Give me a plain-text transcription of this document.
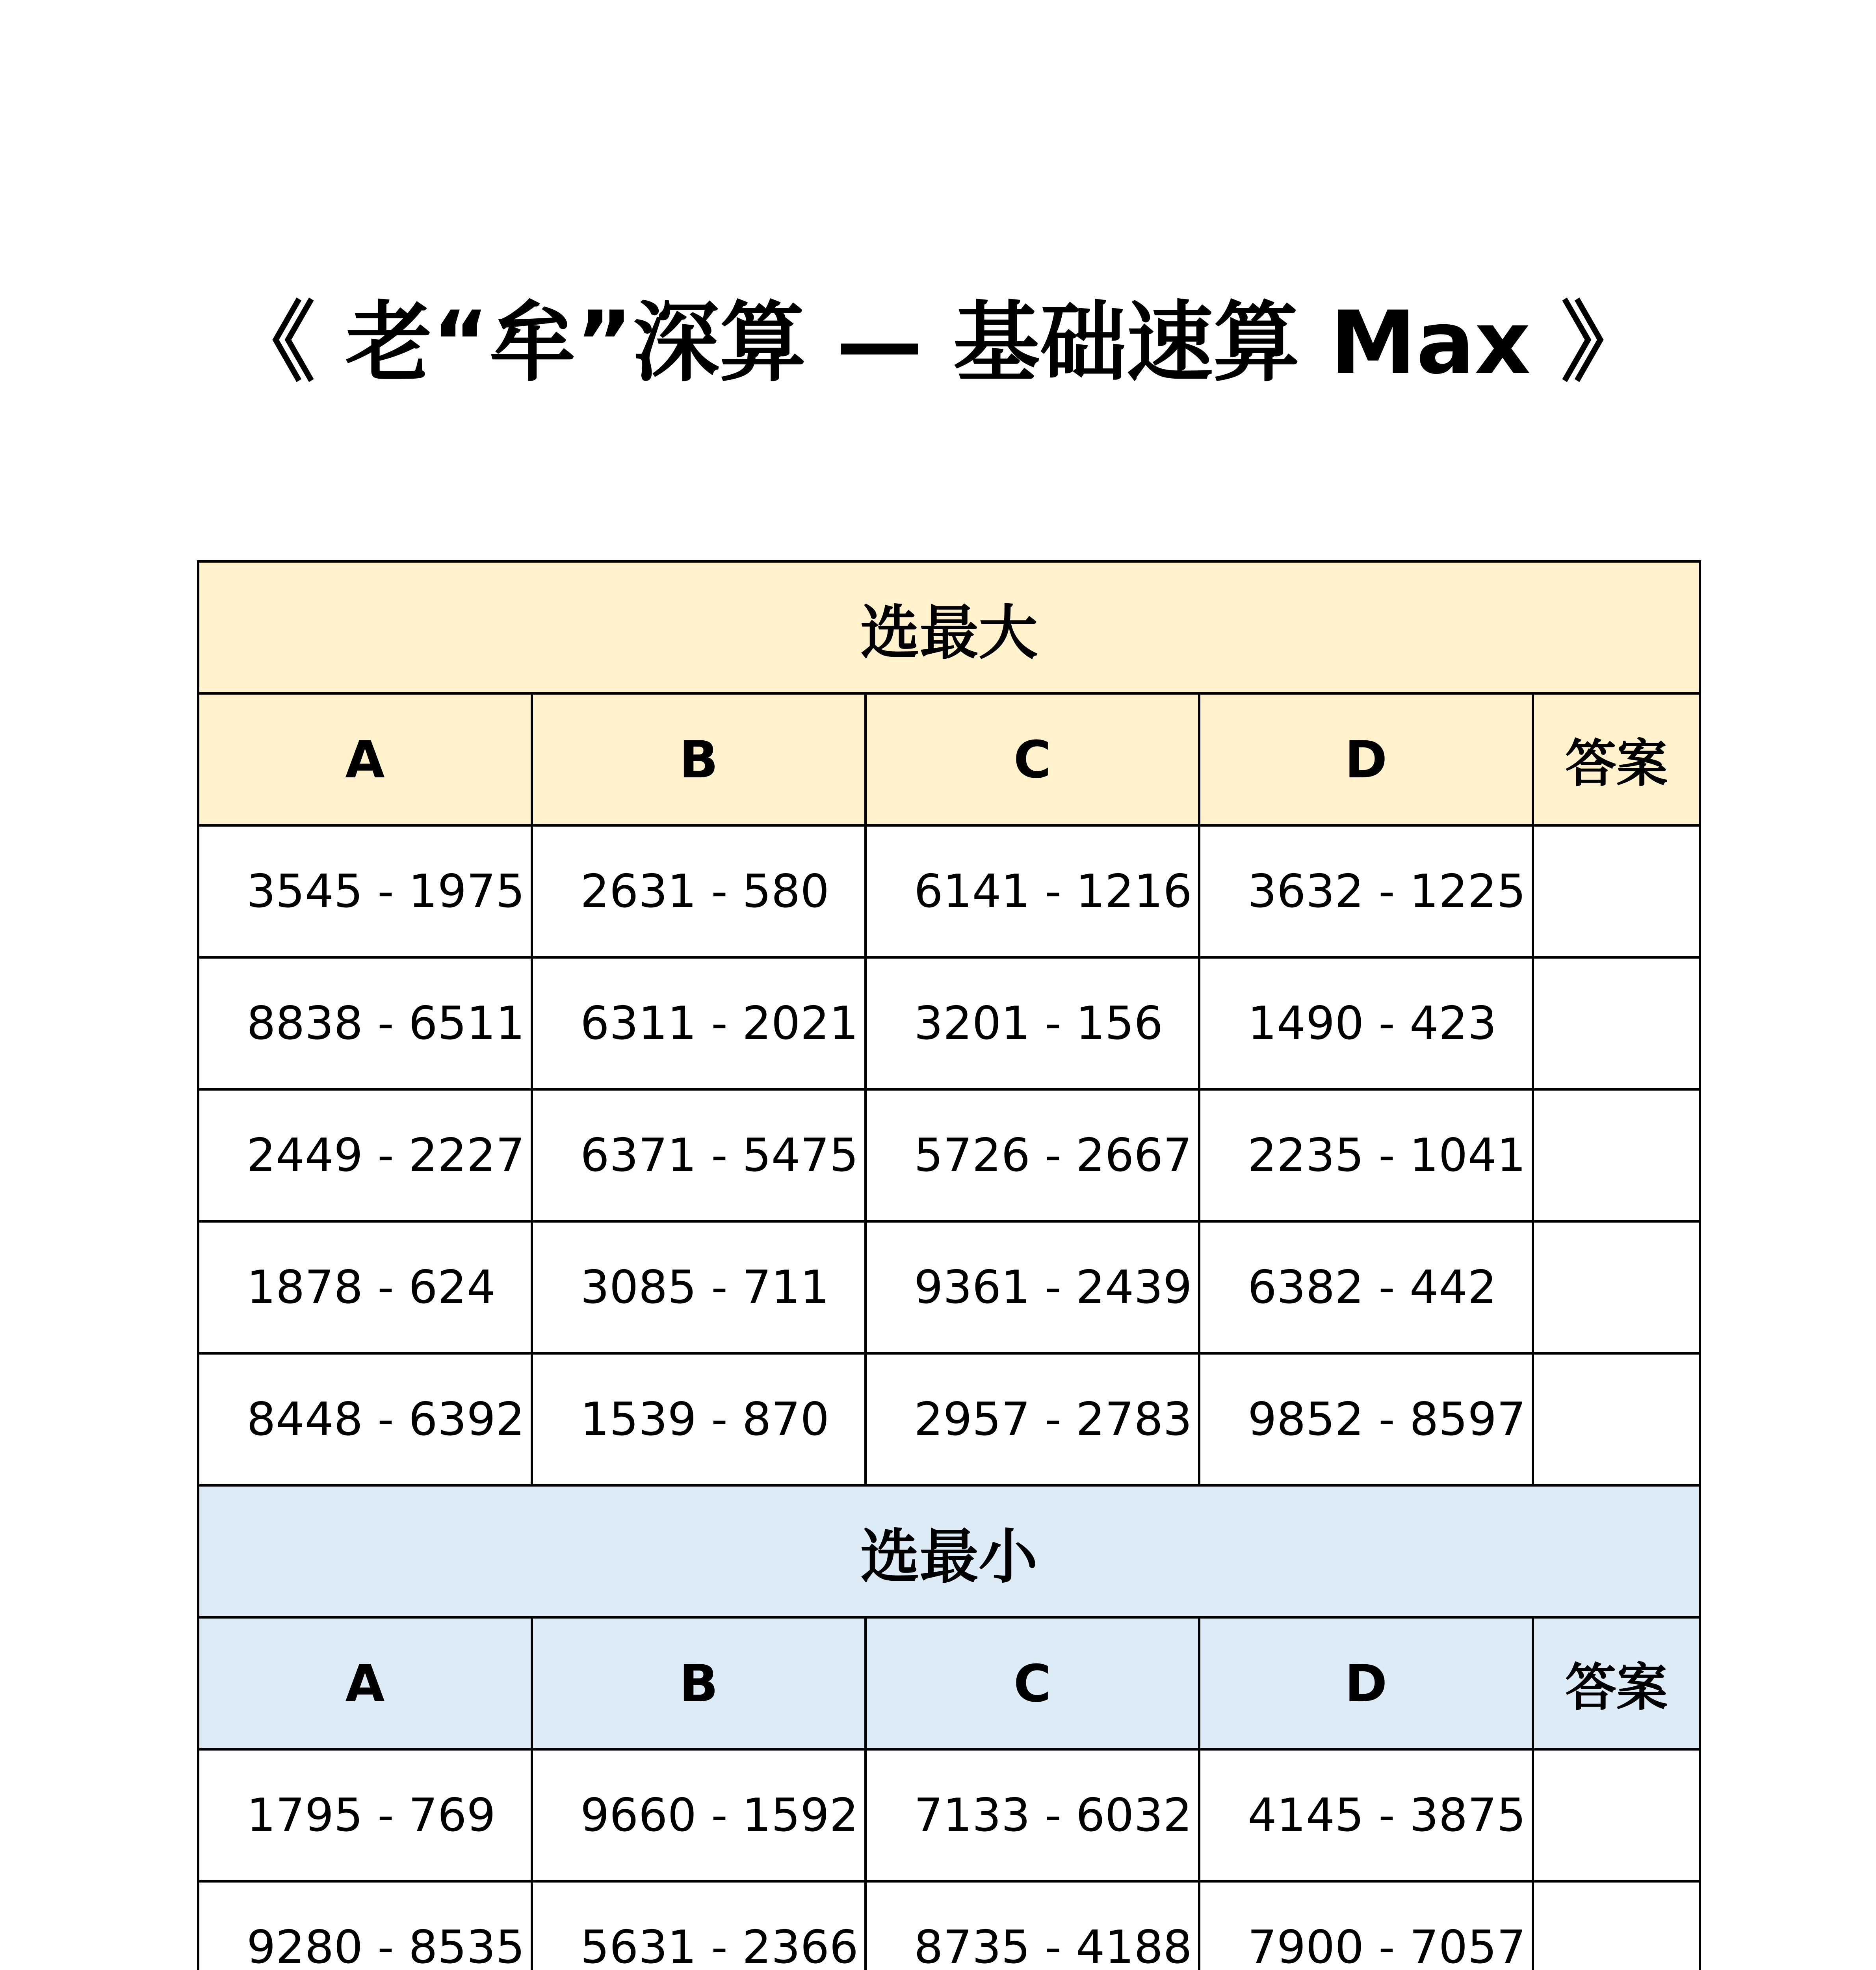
《 老“牟”深算 — 基础速算 Max 》
选最大				
A	B	C	D	答案
3545 - 1975	2631 - 580	6141 - 1216	3632 - 1225	
8838 - 6511	6311 - 2021	3201 - 156	1490 - 423	
2449 - 2227	6371 - 5475	5726 - 2667	2235 - 1041	
1878 - 624	3085 - 711	9361 - 2439	6382 - 442	
8448 - 6392	1539 - 870	2957 - 2783	9852 - 8597	
选最小				
A	B	C	D	答案
1795 - 769	9660 - 1592	7133 - 6032	4145 - 3875	
9280 - 8535	5631 - 2366	8735 - 4188	7900 - 7057	
